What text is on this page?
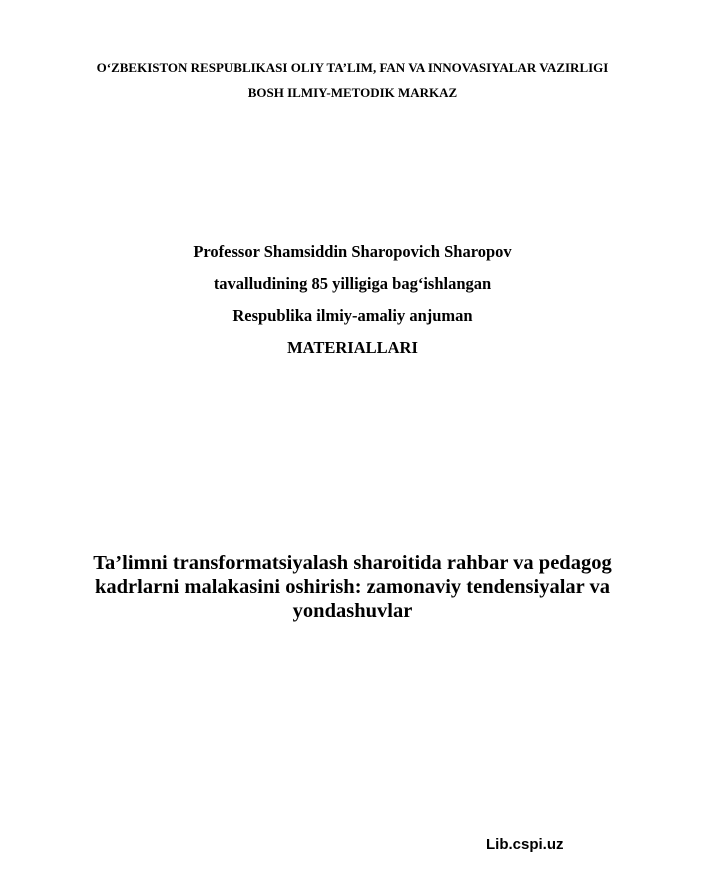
O‘ZBEKISTON RESPUBLIKASI OLIY TA’LIM, FAN VA INNOVASIYALAR VAZIRLIGI
BOSH ILMIY-METODIK MARKAZ
Professor Shamsiddin Sharopovich Sharopov
tavalludining 85 yilligiga bag‘ishlangan
Respublika ilmiy-amaliy anjuman
MATERIALLARI
Ta’limni transformatsiyalash sharoitida rahbar va pedagog
kadrlarni malakasini oshirish: zamonaviy tendensiyalar va
yondashuvlar
Lib.cspi.uz
